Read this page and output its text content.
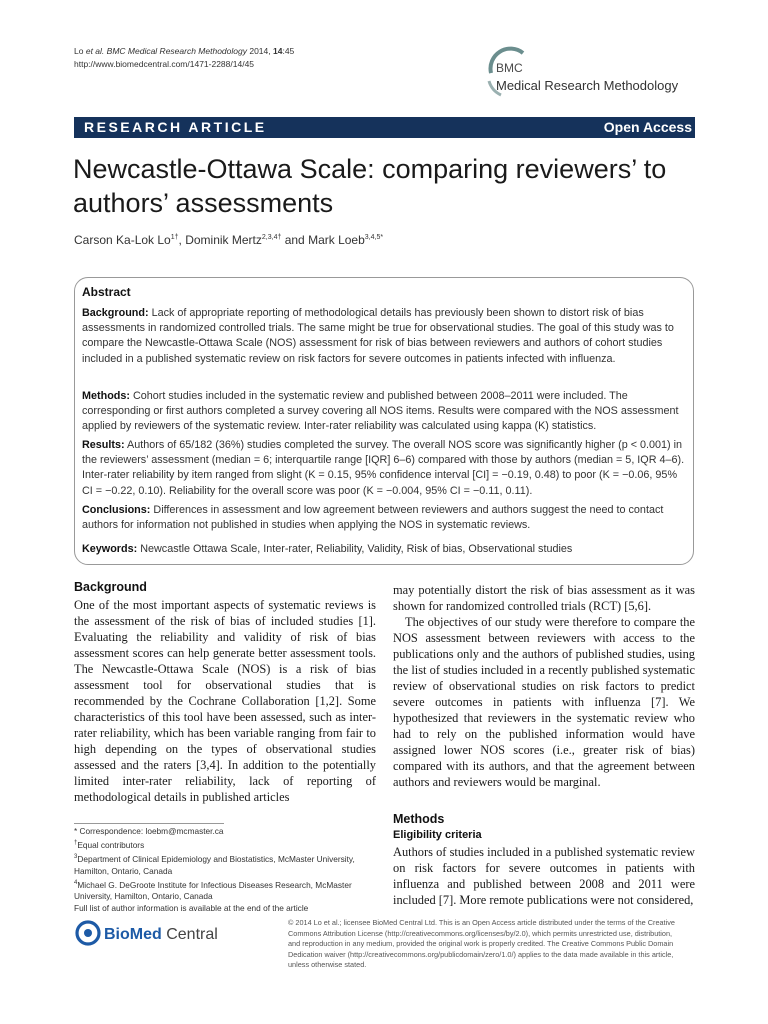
Lo et al. BMC Medical Research Methodology 2014, 14:45
http://www.biomedcentral.com/1471-2288/14/45	BMC
Medical Research Methodology
RESEARCH ARTICLE	Open Access
Newcastle-Ottawa Scale: comparing reviewers’ to authors’ assessments
Carson Ka-Lok $Lo^{1\dagger}$, Dominik Mertz$^{2,3,4\dagger}$ and Mark Loeb$^{3,4,5*}$
Abstract
Background: Lack of appropriate reporting of methodological details has previously been shown to distort risk of bias assessments in randomized controlled trials. The same might be true for observational studies. The goal of this study was to compare the Newcastle-Ottawa Scale (NOS) assessment for risk of bias between reviewers and authors of cohort studies included in a published systematic review on risk factors for severe outcomes in patients infected with influenza.
Methods: Cohort studies included in the systematic review and published between 2008–2011 were included. The corresponding or first authors completed a survey covering all NOS items. Results were compared with the NOS assessment applied by reviewers of the systematic review. Inter-rater reliability was calculated using kappa (K) statistics.
Results: Authors of 65/182 (36%) studies completed the survey. The overall NOS score was significantly higher (p < 0.001) in the reviewers’ assessment (median = 6; interquartile range [IQR] 6–6) compared with those by authors (median = 5, IQR 4–6). Inter-rater reliability by item ranged from slight (K = 0.15, 95% confidence interval [CI] = −0.19, 0.48) to poor (K = −0.06, 95% CI = −0.22, 0.10). Reliability for the overall score was poor (K = −0.004, 95% CI = −0.11, 0.11).
Conclusions: Differences in assessment and low agreement between reviewers and authors suggest the need to contact authors for information not published in studies when applying the NOS in systematic reviews.
Keywords: Newcastle Ottawa Scale, Inter-rater, Reliability, Validity, Risk of bias, Observational studies
Background
One of the most important aspects of systematic reviews is the assessment of the risk of bias of included studies [1]. Evaluating the reliability and validity of risk of bias assessment scores can help generate better assessment tools. The Newcastle-Ottawa Scale (NOS) is a risk of bias assessment tool for observational studies that is recommended by the Cochrane Collaboration [1,2]. Some characteristics of this tool have been assessed, such as inter-rater reliability, which has been variable ranging from fair to high depending on the types of observational studies assessed and the raters [3,4]. In addition to the potentially limited inter-rater reliability, lack of reporting of methodological details in published articles
* Correspondence: loebm@mcmaster.ca
†Equal contributors
$^3$Department of Clinical Epidemiology and Biostatistics, McMaster University, Hamilton, Ontario, Canada
$^4$Michael G. DeGroote Institute for Infectious Diseases Research, McMaster University, Hamilton, Ontario, Canada
Full list of author information is available at the end of the article
may potentially distort the risk of bias assessment as it was shown for randomized controlled trials (RCT) [5,6].
The objectives of our study were therefore to compare the NOS assessment between reviewers with access to the publications only and the authors of published studies, using the list of studies included in a recently published systematic review of observational studies on risk factors to predict severe outcomes in patients with influenza [7]. We hypothesized that reviewers in the systematic review who had to rely on the published information would have assigned lower NOS scores (i.e., greater risk of bias) compared with its authors, and that the agreement between authors and reviewers would be marginal.
Methods
Eligibility criteria
Authors of studies included in a published systematic review on risk factors for severe outcomes in patients with influenza and published between 2008 and 2011 were included [7]. More remote publications were not considered,
BioMed Central
© 2014 Lo et al.; licensee BioMed Central Ltd. This is an Open Access article distributed under the terms of the Creative Commons Attribution License (http://creativecommons.org/licenses/by/2.0), which permits unrestricted use, distribution, and reproduction in any medium, provided the original work is properly credited. The Creative Commons Public Domain Dedication waiver (http://creativecommons.org/publicdomain/zero/1.0/) applies to the data made available in this article, unless otherwise stated.
